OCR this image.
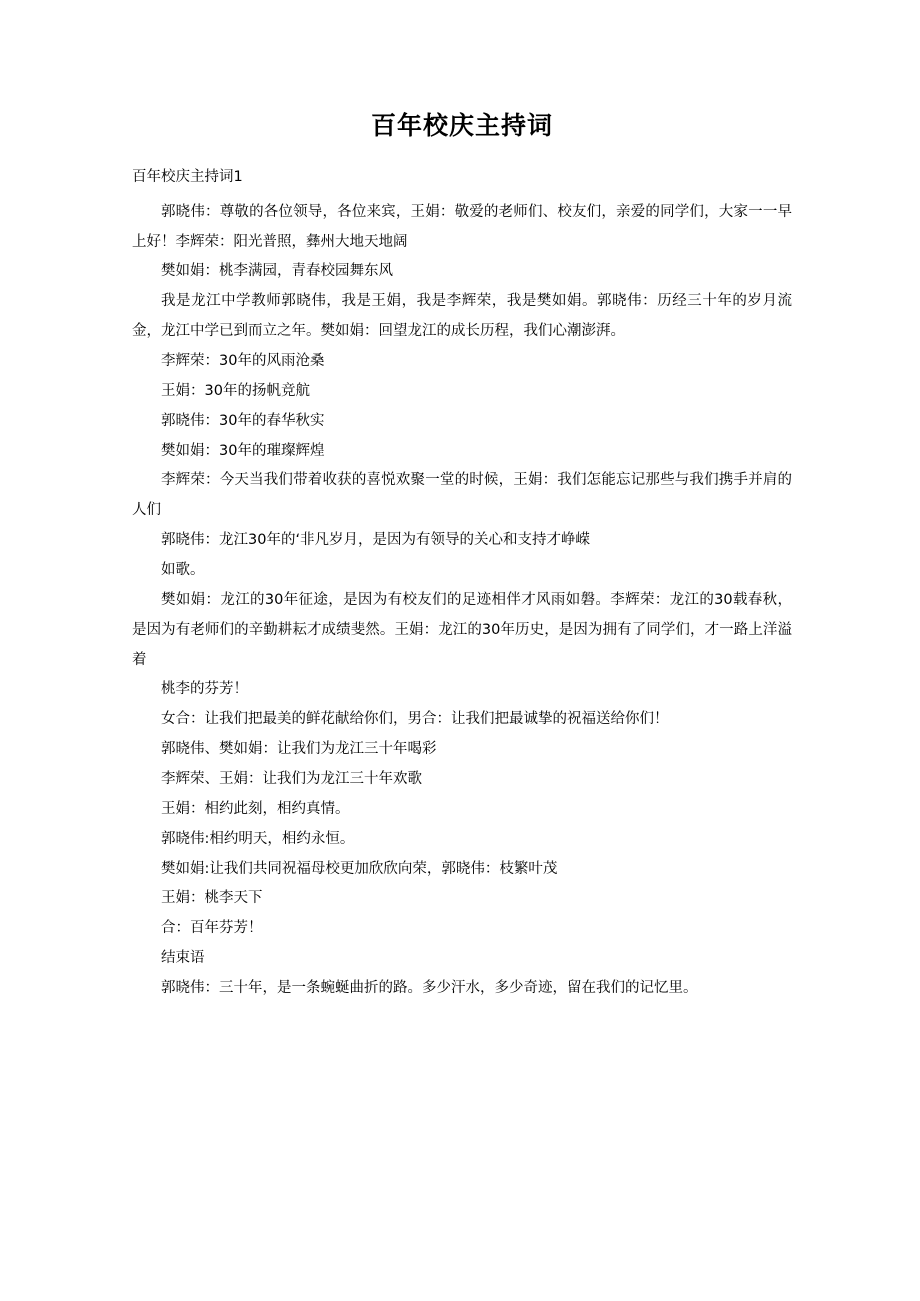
百年校庆主持词
百年校庆主持词1

郭晓伟：尊敬的各位领导，各位来宾，王娟：敬爱的老师们、校友们，亲爱的同学们，大家一一早上好！李辉荣：阳光普照，彝州大地天地阔

樊如娟：桃李满园，青春校园舞东风

我是龙江中学教师郭晓伟，我是王娟，我是李辉荣，我是樊如娟。郭晓伟：历经三十年的岁月流金，龙江中学已到而立之年。樊如娟：回望龙江的成长历程，我们心潮澎湃。

李辉荣：30年的风雨沧桑

王娟：30年的扬帆竞航

郭晓伟：30年的春华秋实

樊如娟：30年的璀璨辉煌

李辉荣：今天当我们带着收获的喜悦欢聚一堂的时候，王娟：我们怎能忘记那些与我们携手并肩的人们

郭晓伟：龙江30年的‘非凡岁月，是因为有领导的关心和支持才峥嵘

如歌。

樊如娟：龙江的30年征途，是因为有校友们的足迹相伴才风雨如磐。李辉荣：龙江的30载春秋，是因为有老师们的辛勤耕耘才成绩斐然。王娟：龙江的30年历史，是因为拥有了同学们，才一路上洋溢着

桃李的芬芳！

女合：让我们把最美的鲜花献给你们，男合：让我们把最诚挚的祝福送给你们！

郭晓伟、樊如娟：让我们为龙江三十年喝彩

李辉荣、王娟：让我们为龙江三十年欢歌

王娟：相约此刻，相约真情。

郭晓伟:相约明天，相约永恒。

樊如娟:让我们共同祝福母校更加欣欣向荣，郭晓伟：枝繁叶茂

王娟：桃李天下

合：百年芬芳！

结束语

郭晓伟：三十年，是一条蜿蜒曲折的路。多少汗水，多少奇迹，留在我们的记忆里。
